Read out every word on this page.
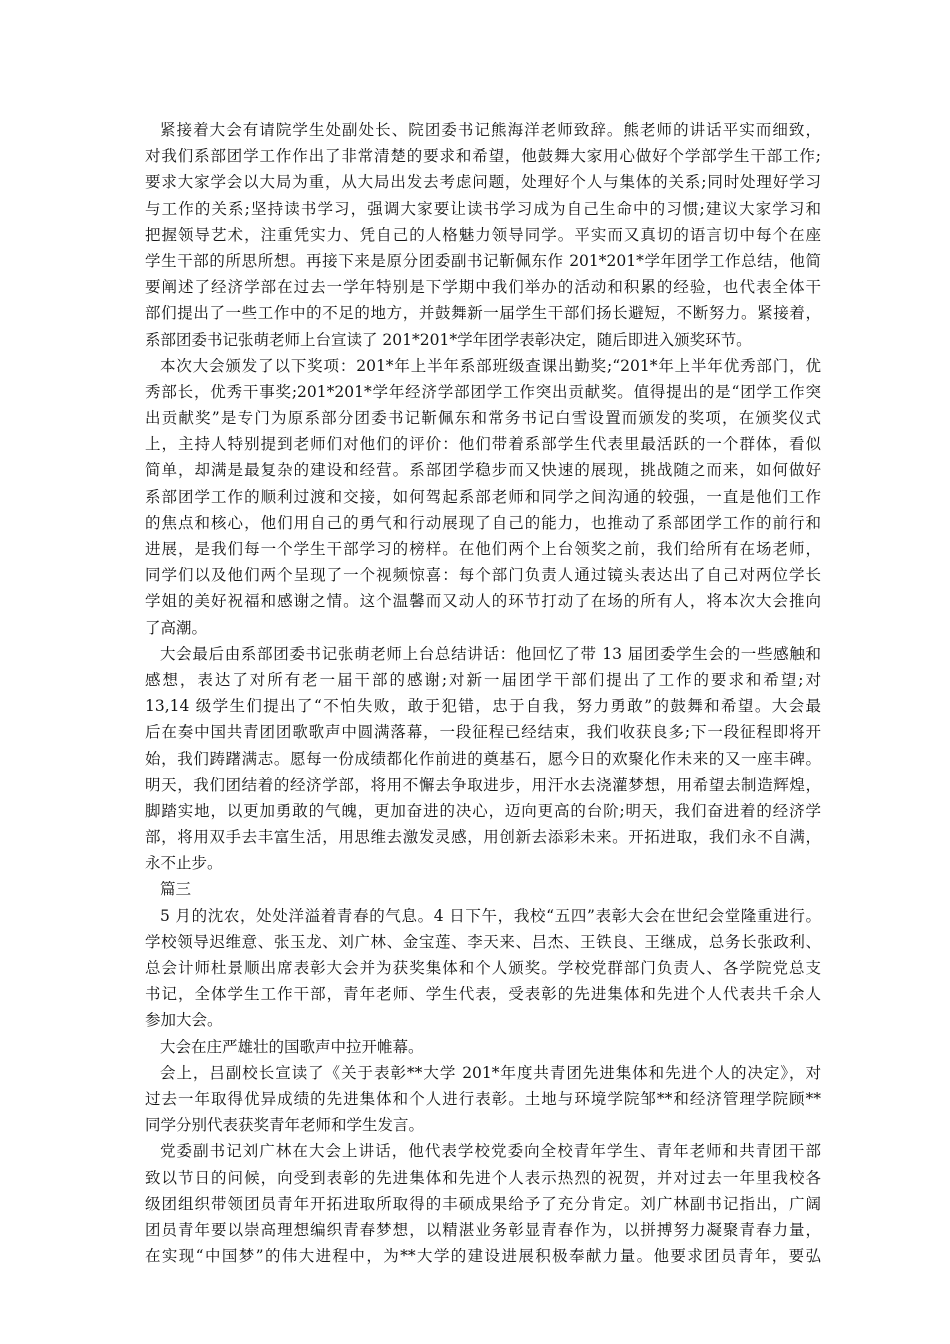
紧接着大会有请院学生处副处长、院团委书记熊海洋老师致辞。熊老师的讲话平实而细致，
对我们系部团学工作作出了非常清楚的要求和希望，他鼓舞大家用心做好个学部学生干部工作;
要求大家学会以大局为重，从大局出发去考虑问题，处理好个人与集体的关系;同时处理好学习
与工作的关系;坚持读书学习，强调大家要让读书学习成为自己生命中的习惯;建议大家学习和
把握领导艺术，注重凭实力、凭自己的人格魅力领导同学。平实而又真切的语言切中每个在座
学生干部的所思所想。再接下来是原分团委副书记靳佩东作 201*201*学年团学工作总结，他简
要阐述了经济学部在过去一学年特别是下学期中我们举办的活动和积累的经验，也代表全体干
部们提出了一些工作中的不足的地方，并鼓舞新一届学生干部们扬长避短，不断努力。紧接着，
系部团委书记张萌老师上台宣读了 201*201*学年团学表彰决定，随后即进入颁奖环节。
本次大会颁发了以下奖项：201*年上半年系部班级查课出勤奖;“201*年上半年优秀部门，优
秀部长，优秀干事奖;201*201*学年经济学部团学工作突出贡献奖。值得提出的是“团学工作突
出贡献奖”是专门为原系部分团委书记靳佩东和常务书记白雪设置而颁发的奖项，在颁奖仪式
上，主持人特别提到老师们对他们的评价：他们带着系部学生代表里最活跃的一个群体，看似
简单，却满是最复杂的建设和经营。系部团学稳步而又快速的展现，挑战随之而来，如何做好
系部团学工作的顺利过渡和交接，如何驾起系部老师和同学之间沟通的较强，一直是他们工作
的焦点和核心，他们用自己的勇气和行动展现了自己的能力，也推动了系部团学工作的前行和
进展，是我们每一个学生干部学习的榜样。在他们两个上台领奖之前，我们给所有在场老师，
同学们以及他们两个呈现了一个视频惊喜：每个部门负责人通过镜头表达出了自己对两位学长
学姐的美好祝福和感谢之情。这个温馨而又动人的环节打动了在场的所有人，将本次大会推向
了高潮。
大会最后由系部团委书记张萌老师上台总结讲话：他回忆了带 13 届团委学生会的一些感触和
感想，表达了对所有老一届干部的感谢;对新一届团学干部们提出了工作的要求和希望;对
13,14 级学生们提出了“不怕失败，敢于犯错，忠于自我，努力勇敢”的鼓舞和希望。大会最
后在奏中国共青团团歌歌声中圆满落幕，一段征程已经结束，我们收获良多;下一段征程即将开
始，我们踌躇满志。愿每一份成绩都化作前进的奠基石，愿今日的欢聚化作未来的又一座丰碑。
明天，我们团结着的经济学部，将用不懈去争取进步，用汗水去浇灌梦想，用希望去制造辉煌，
脚踏实地，以更加勇敢的气魄，更加奋进的决心，迈向更高的台阶;明天，我们奋进着的经济学
部，将用双手去丰富生活，用思维去激发灵感，用创新去添彩未来。开拓进取，我们永不自满，
永不止步。
篇三
5 月的沈农，处处洋溢着青春的气息。4 日下午，我校“五四”表彰大会在世纪会堂隆重进行。
学校领导迟维意、张玉龙、刘广林、金宝莲、李天来、吕杰、王铁良、王继成，总务长张政利、
总会计师杜景顺出席表彰大会并为获奖集体和个人颁奖。学校党群部门负责人、各学院党总支
书记，全体学生工作干部，青年老师、学生代表，受表彰的先进集体和先进个人代表共千余人
参加大会。
大会在庄严雄壮的国歌声中拉开帷幕。
会上，吕副校长宣读了《关于表彰**大学 201*年度共青团先进集体和先进个人的决定》，对
过去一年取得优异成绩的先进集体和个人进行表彰。土地与环境学院邹**和经济管理学院顾**
同学分别代表获奖青年老师和学生发言。
党委副书记刘广林在大会上讲话，他代表学校党委向全校青年学生、青年老师和共青团干部
致以节日的问候，向受到表彰的先进集体和先进个人表示热烈的祝贺，并对过去一年里我校各
级团组织带领团员青年开拓进取所取得的丰硕成果给予了充分肯定。刘广林副书记指出，广阔
团员青年要以崇高理想编织青春梦想，以精湛业务彰显青春作为，以拼搏努力凝聚青春力量，
在实现“中国梦”的伟大进程中，为**大学的建设进展积极奉献力量。他要求团员青年，要弘
